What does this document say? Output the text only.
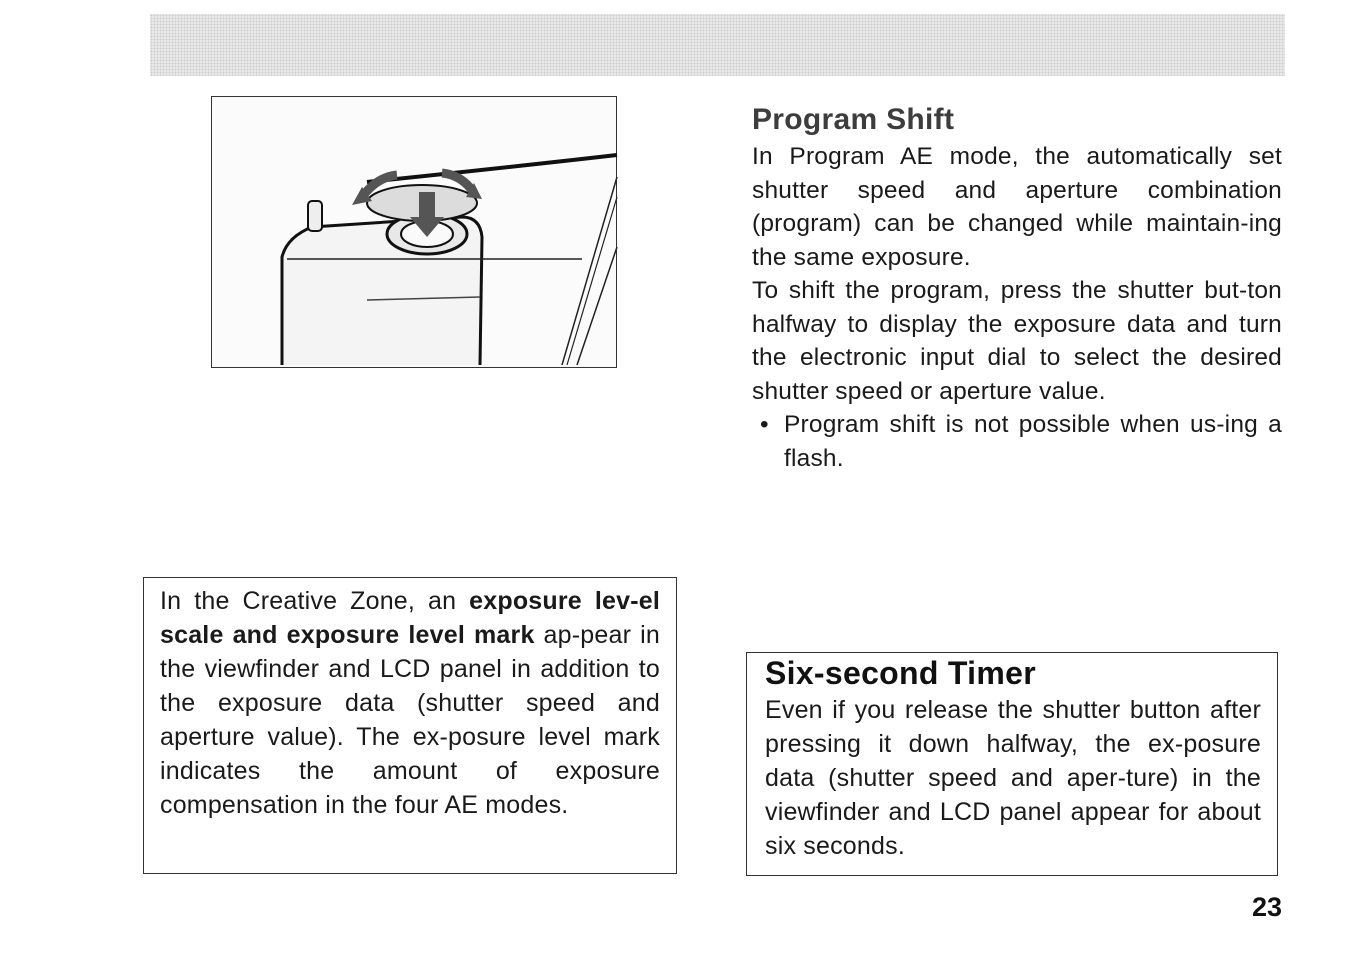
Program Shift

In Program AE mode, the automatically set shutter speed and aperture combination (program) can be changed while maintain-ing the same exposure.

To shift the program, press the shutter but-ton halfway to display the exposure data and turn the electronic input dial to select the desired shutter speed or aperture value.

• Program shift is not possible when us-ing a flash.

In the Creative Zone, an exposure lev-el scale and exposure level mark ap-pear in the viewfinder and LCD panel in addition to the exposure data (shutter speed and aperture value). The ex-posure level mark indicates the amount of exposure compensation in the four AE modes.

Six-second Timer

Even if you release the shutter button after pressing it down halfway, the ex-posure data (shutter speed and aper-ture) in the viewfinder and LCD panel appear for about six seconds.

23
